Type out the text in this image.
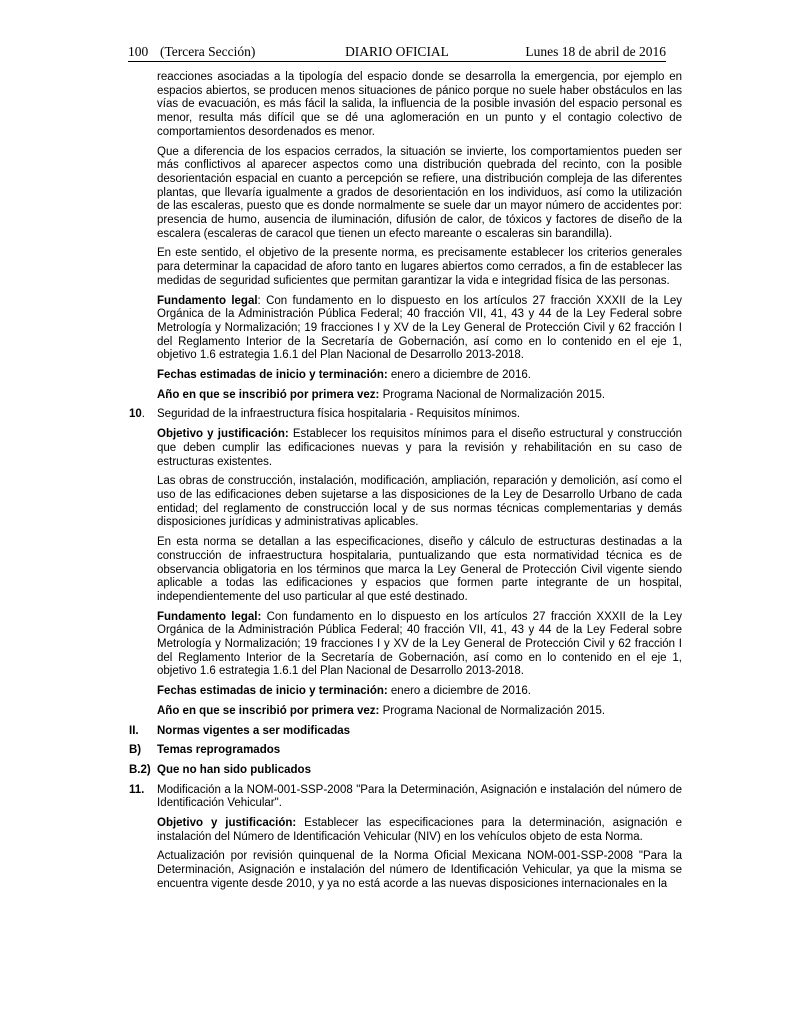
100 (Tercera Sección)	DIARIO OFICIAL	Lunes 18 de abril de 2016

reacciones asociadas a la tipología del espacio donde se desarrolla la emergencia, por ejemplo en espacios abiertos, se producen menos situaciones de pánico porque no suele haber obstáculos en las vías de evacuación, es más fácil la salida, la influencia de la posible invasión del espacio personal es menor, resulta más difícil que se dé una aglomeración en un punto y el contagio colectivo de comportamientos desordenados es menor.

Que a diferencia de los espacios cerrados, la situación se invierte, los comportamientos pueden ser más conflictivos al aparecer aspectos como una distribución quebrada del recinto, con la posible desorientación espacial en cuanto a percepción se refiere, una distribución compleja de las diferentes plantas, que llevaría igualmente a grados de desorientación en los individuos, así como la utilización de las escaleras, puesto que es donde normalmente se suele dar un mayor número de accidentes por: presencia de humo, ausencia de iluminación, difusión de calor, de tóxicos y factores de diseño de la escalera (escaleras de caracol que tienen un efecto mareante o escaleras sin barandilla).

En este sentido, el objetivo de la presente norma, es precisamente establecer los criterios generales para determinar la capacidad de aforo tanto en lugares abiertos como cerrados, a fin de establecer las medidas de seguridad suficientes que permitan garantizar la vida e integridad física de las personas.

Fundamento legal: Con fundamento en lo dispuesto en los artículos 27 fracción XXXII de la Ley Orgánica de la Administración Pública Federal; 40 fracción VII, 41, 43 y 44 de la Ley Federal sobre Metrología y Normalización; 19 fracciones I y XV de la Ley General de Protección Civil y 62 fracción I del Reglamento Interior de la Secretaría de Gobernación, así como en lo contenido en el eje 1, objetivo 1.6 estrategia 1.6.1 del Plan Nacional de Desarrollo 2013-2018.

Fechas estimadas de inicio y terminación: enero a diciembre de 2016.

Año en que se inscribió por primera vez: Programa Nacional de Normalización 2015.

10. Seguridad de la infraestructura física hospitalaria - Requisitos mínimos.

Objetivo y justificación: Establecer los requisitos mínimos para el diseño estructural y construcción que deben cumplir las edificaciones nuevas y para la revisión y rehabilitación en su caso de estructuras existentes.

Las obras de construcción, instalación, modificación, ampliación, reparación y demolición, así como el uso de las edificaciones deben sujetarse a las disposiciones de la Ley de Desarrollo Urbano de cada entidad; del reglamento de construcción local y de sus normas técnicas complementarias y demás disposiciones jurídicas y administrativas aplicables.

En esta norma se detallan a las especificaciones, diseño y cálculo de estructuras destinadas a la construcción de infraestructura hospitalaria, puntualizando que esta normatividad técnica es de observancia obligatoria en los términos que marca la Ley General de Protección Civil vigente siendo aplicable a todas las edificaciones y espacios que formen parte integrante de un hospital, independientemente del uso particular al que esté destinado.

Fundamento legal: Con fundamento en lo dispuesto en los artículos 27 fracción XXXII de la Ley Orgánica de la Administración Pública Federal; 40 fracción VII, 41, 43 y 44 de la Ley Federal sobre Metrología y Normalización; 19 fracciones I y XV de la Ley General de Protección Civil y 62 fracción I del Reglamento Interior de la Secretaría de Gobernación, así como en lo contenido en el eje 1, objetivo 1.6 estrategia 1.6.1 del Plan Nacional de Desarrollo 2013-2018.

Fechas estimadas de inicio y terminación: enero a diciembre de 2016.

Año en que se inscribió por primera vez: Programa Nacional de Normalización 2015.

II. Normas vigentes a ser modificadas
B) Temas reprogramados
B.2) Que no han sido publicados
11. Modificación a la NOM-001-SSP-2008 "Para la Determinación, Asignación e instalación del número de Identificación Vehicular".

Objetivo y justificación: Establecer las especificaciones para la determinación, asignación e instalación del Número de Identificación Vehicular (NIV) en los vehículos objeto de esta Norma.

Actualización por revisión quinquenal de la Norma Oficial Mexicana NOM-001-SSP-2008 "Para la Determinación, Asignación e instalación del número de Identificación Vehicular, ya que la misma se encuentra vigente desde 2010, y ya no está acorde a las nuevas disposiciones internacionales en la
